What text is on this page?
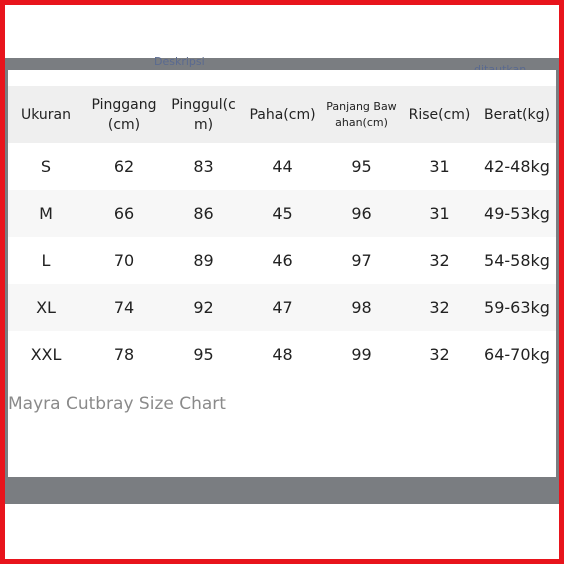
Deskripsi
Ukuran	Pinggang(cm)	Pinggul(cm)	Paha(cm)	Panjang Bawahan(cm)	Rise(cm)	Berat(kg)
S	62	83	44	95	31	42-48kg
M	66	86	45	96	31	49-53kg
L	70	89	46	97	32	54-58kg
XL	74	92	47	98	32	59-63kg
XXL	78	95	48	99	32	64-70kg
Mayra Cutbray Size Chart
